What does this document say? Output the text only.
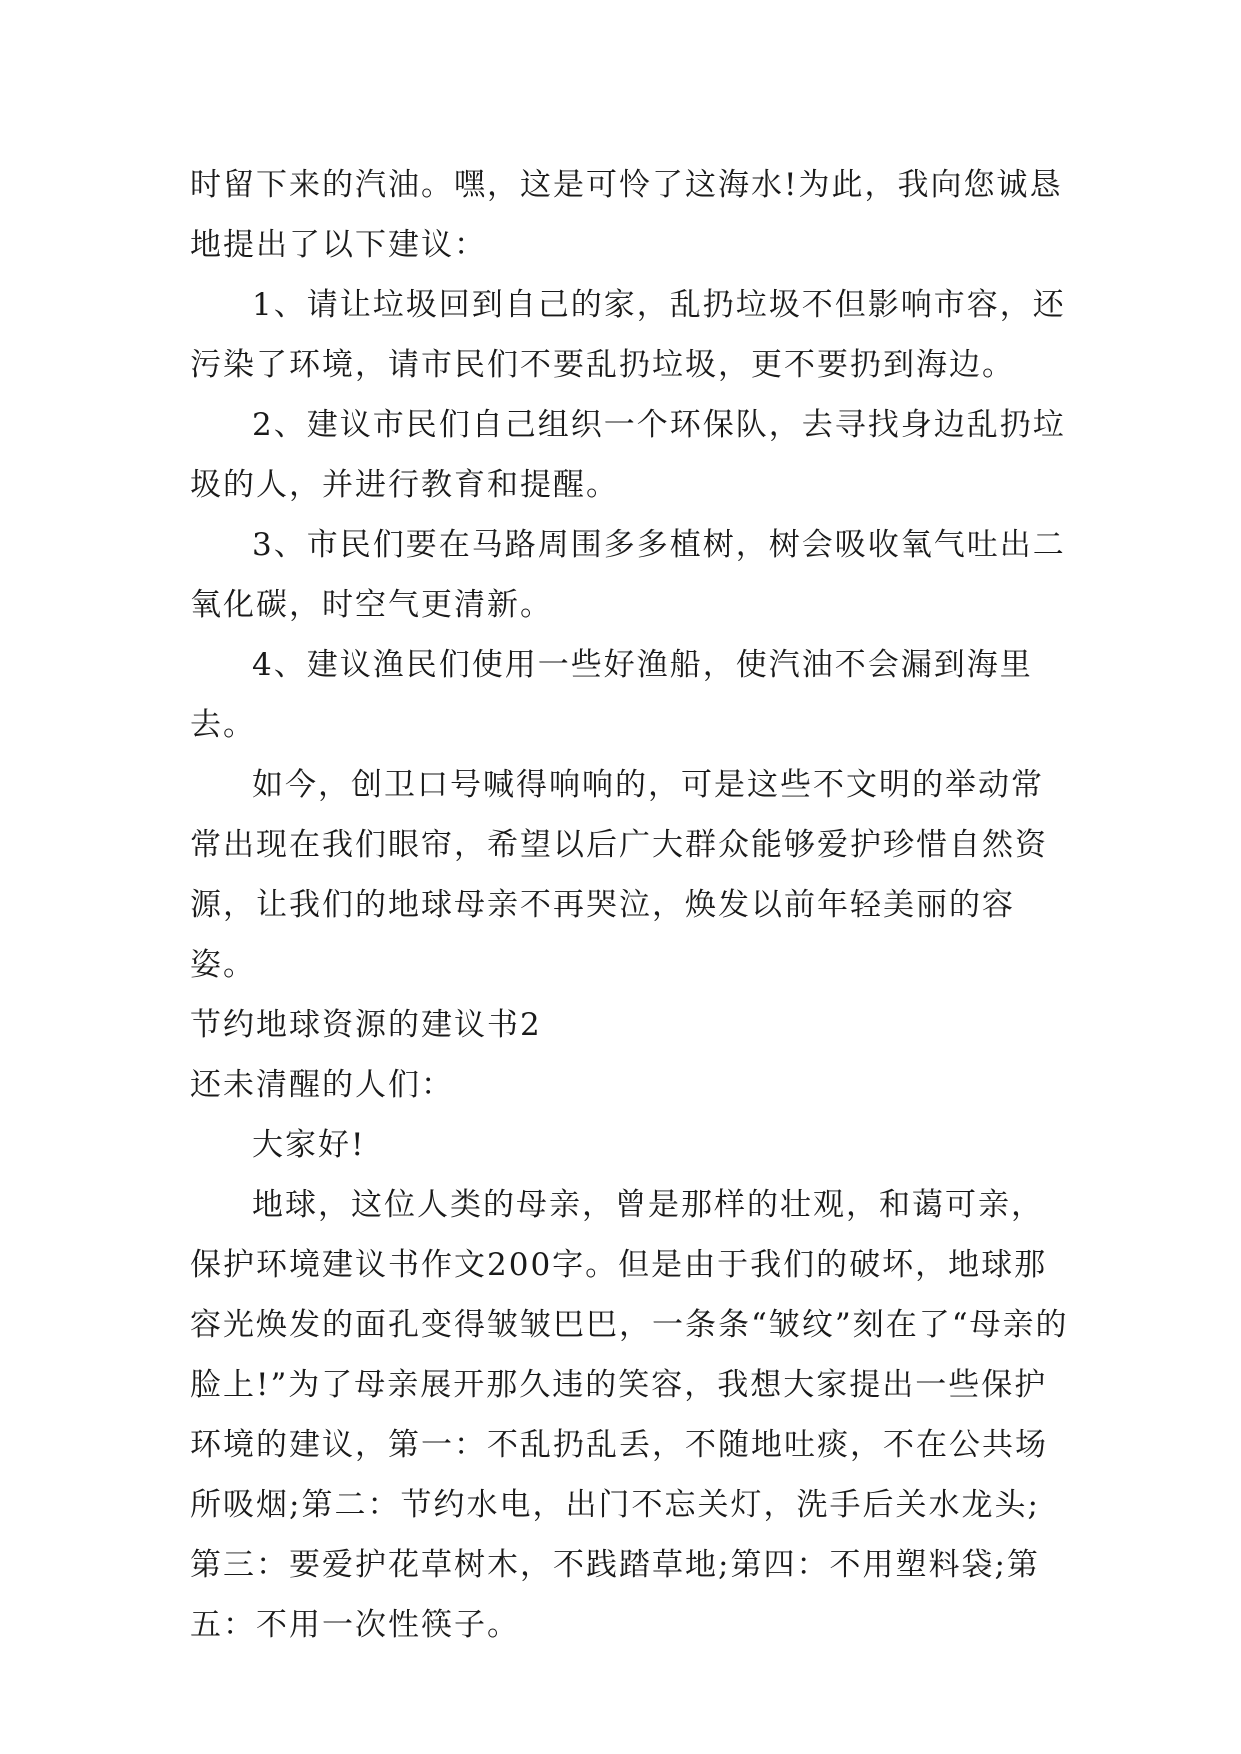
时留下来的汽油。嘿，这是可怜了这海水!为此，我向您诚恳地提出了以下建议：

1、请让垃圾回到自己的家，乱扔垃圾不但影响市容，还污染了环境，请市民们不要乱扔垃圾，更不要扔到海边。

2、建议市民们自己组织一个环保队，去寻找身边乱扔垃圾的人，并进行教育和提醒。

3、市民们要在马路周围多多植树，树会吸收氧气吐出二氧化碳，时空气更清新。

4、建议渔民们使用一些好渔船，使汽油不会漏到海里去。

如今，创卫口号喊得响响的，可是这些不文明的举动常常出现在我们眼帘，希望以后广大群众能够爱护珍惜自然资源，让我们的地球母亲不再哭泣，焕发以前年轻美丽的容姿。

节约地球资源的建议书2

还未清醒的人们：

大家好!

地球，这位人类的母亲，曾是那样的壮观，和蔼可亲，保护环境建议书作文200字。但是由于我们的破坏，地球那容光焕发的面孔变得皱皱巴巴，一条条“皱纹”刻在了“母亲的脸上!”为了母亲展开那久违的笑容，我想大家提出一些保护环境的建议，第一：不乱扔乱丢，不随地吐痰，不在公共场所吸烟;第二：节约水电，出门不忘关灯，洗手后关水龙头;第三：要爱护花草树木，不践踏草地;第四：不用塑料袋;第五：不用一次性筷子。
